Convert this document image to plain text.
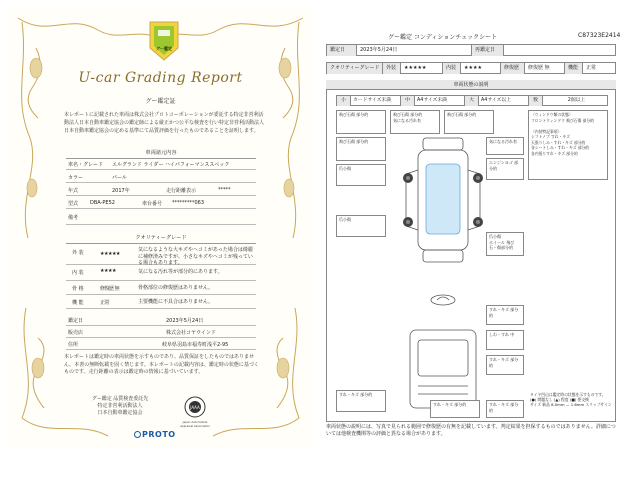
グー鑑定
U-car Grading Report
グー鑑定証
本レポートに記載された車両は株式会社プロトコーポレーションが委託する特定非営利活動法人日本自動車鑑定協会の鑑定師による厳正かつ公平な検査を行い特定非営利活動法人日本自動車鑑定協会の定める基準にて品質評価を行ったものであることを証明します。
車両諸元内容
車名・グレード エルグランド ライダー ハイパフォーマンススペック
カラー	パール
年式	2017年	走行距離表示	*****
型式 DBA-PE52	車台番号 *********063
備考
クオリティーグレード
外 装	★★★★★
気になるような大キズやヘコミがあった場合は綺麗に補修済みですが、小さなキズやヘコミが残っている場合もあります。
内 装	★★★★	気になる汚れ等が部分的にあります。
骨 格	修復歴 無	骨格部位の修復歴はありません。
機 能	正常	主要機能に不具合はありません。
鑑定日	2023年5月24日
販売店	株式会社コヤウインド
住所	岐阜県羽島市福寿町浅平2-95
本レポートは鑑定時の車両状態を示すものであり、品質保証をしたものではありません。本書の無断転載を固く禁じます。本レポートの記載内容は、鑑定時の状態に基づくものです。走行距離の表示は鑑定時の情報に基づいています。
グー鑑定 品質検査委託先
特定非営利活動法人
日本自動車鑑定協会
JAAA
Japan Automobile Appraisal Association
PROTO
グー鑑定 コンディションチェックシート	C87323E2414
鑑定日	2023年5月24日	再鑑定日
クオリティーグレード	外装	★★★★★	内装	★★★★	修復歴	修復歴 無	機能	正常
車両状態の説明
小	カードサイズ未満	中	A4サイズ未満	大	A4サイズ以上	数	2個以上
飛び石傷 部分的	飛び石傷 部分的
気になる汚れ有
飛び石傷 部分的
飛び石傷 部分的	気になる汚れ有
〈ウィンドウ類の状態〉
フロントウィンドウ 飛び石傷 部分的

〈内装特記事項〉
シフトノブ すれ・キズ
天張りしみ・すれ・キズ 部分的
各シートしみ・すれ・キズ 部分的
各内張りすれ・キズ 部分的
爪小傷
エンジンヨゴ 部分的
爪小傷
爪小傷
ホイール 飛び石・傷部分的
すれ・キズ 部分的
しわ・すれ 中
すれ・キズ 部分的
すれ・キズ 部分的
すれ・キズ 部分的	すれ・キズ 部分的
タイヤ凹山は鑑定時の状態を示すものです。
(●) 問題なし (▲) 程度 (■) 要交換
サイズ 新品 8.0mm — 1.6mm スリップサイン
車両状態の説明には、写真で見られる範囲で修復歴の有無を記載しています。判定結果を担保するものではありません。詳細については他検査機関等の評価と異なる場合があります。
